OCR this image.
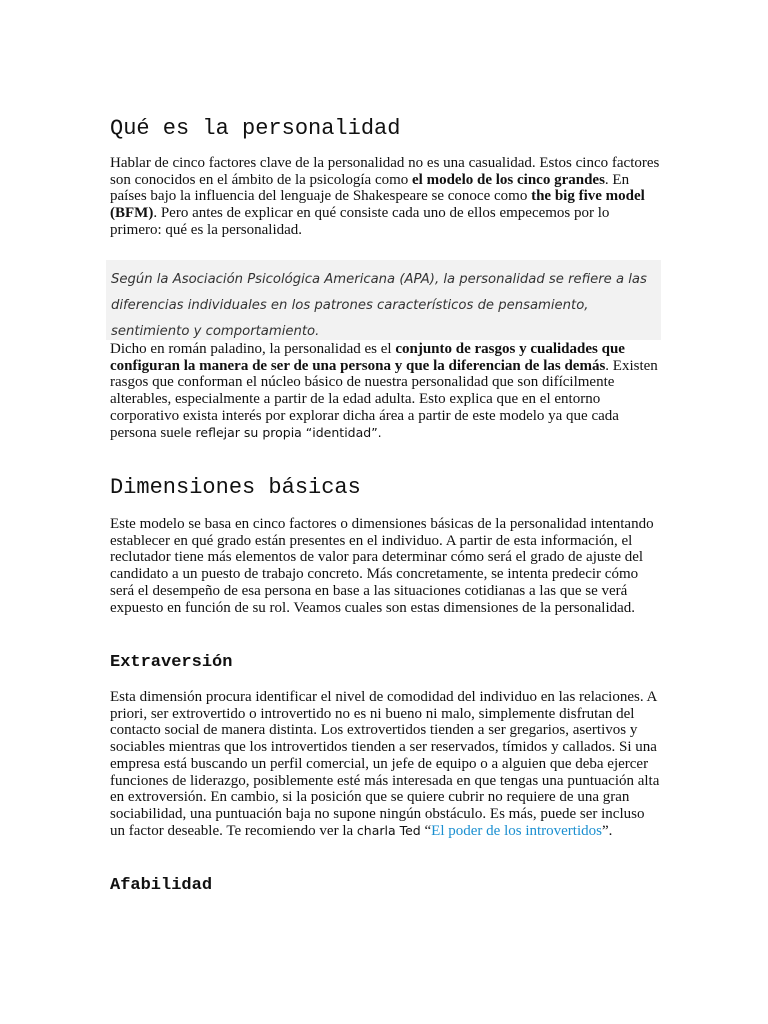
Qué es la personalidad

Hablar de cinco factores clave de la personalidad no es una casualidad. Estos cinco factores son conocidos en el ámbito de la psicología como el modelo de los cinco grandes. En países bajo la influencia del lenguaje de Shakespeare se conoce como the big five model (BFM). Pero antes de explicar en qué consiste cada uno de ellos empecemos por lo primero: qué es la personalidad.

Según la Asociación Psicológica Americana (APA), la personalidad se refiere a las diferencias individuales en los patrones característicos de pensamiento, sentimiento y comportamiento.

Dicho en román paladino, la personalidad es el conjunto de rasgos y cualidades que configuran la manera de ser de una persona y que la diferencian de las demás. Existen rasgos que conforman el núcleo básico de nuestra personalidad que son difícilmente alterables, especialmente a partir de la edad adulta. Esto explica que en el entorno corporativo exista interés por explorar dicha área a partir de este modelo ya que cada persona suele reflejar su propia “identidad”.

Dimensiones básicas

Este modelo se basa en cinco factores o dimensiones básicas de la personalidad intentando establecer en qué grado están presentes en el individuo. A partir de esta información, el reclutador tiene más elementos de valor para determinar cómo será el grado de ajuste del candidato a un puesto de trabajo concreto. Más concretamente, se intenta predecir cómo será el desempeño de esa persona en base a las situaciones cotidianas a las que se verá expuesto en función de su rol. Veamos cuales son estas dimensiones de la personalidad.

Extraversión

Esta dimensión procura identificar el nivel de comodidad del individuo en las relaciones. A priori, ser extrovertido o introvertido no es ni bueno ni malo, simplemente disfrutan del contacto social de manera distinta. Los extrovertidos tienden a ser gregarios, asertivos y sociables mientras que los introvertidos tienden a ser reservados, tímidos y callados. Si una empresa está buscando un perfil comercial, un jefe de equipo o a alguien que deba ejercer funciones de liderazgo, posiblemente esté más interesada en que tengas una puntuación alta en extroversión. En cambio, si la posición que se quiere cubrir no requiere de una gran sociabilidad, una puntuación baja no supone ningún obstáculo. Es más, puede ser incluso un factor deseable. Te recomiendo ver la charla Ted “El poder de los introvertidos”.

Afabilidad
